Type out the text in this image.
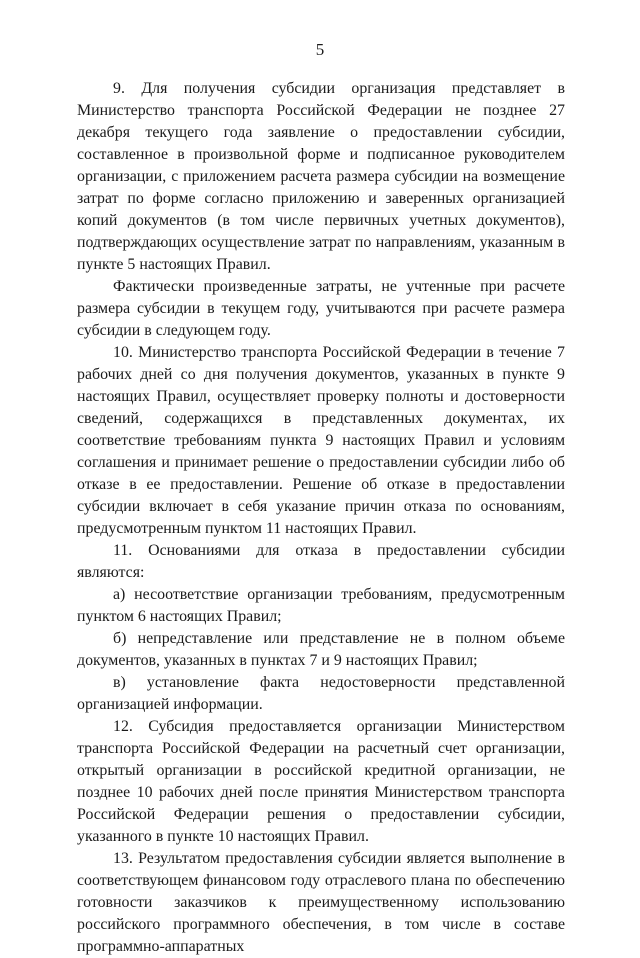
5

9. Для получения субсидии организация представляет в Министерство транспорта Российской Федерации не позднее 27 декабря текущего года заявление о предоставлении субсидии, составленное в произвольной форме и подписанное руководителем организации, с приложением расчета размера субсидии на возмещение затрат по форме согласно приложению и заверенных организацией копий документов (в том числе первичных учетных документов), подтверждающих осуществление затрат по направлениям, указанным в пункте 5 настоящих Правил.

Фактически произведенные затраты, не учтенные при расчете размера субсидии в текущем году, учитываются при расчете размера субсидии в следующем году.

10. Министерство транспорта Российской Федерации в течение 7 рабочих дней со дня получения документов, указанных в пункте 9 настоящих Правил, осуществляет проверку полноты и достоверности сведений, содержащихся в представленных документах, их соответствие требованиям пункта 9 настоящих Правил и условиям соглашения и принимает решение о предоставлении субсидии либо об отказе в ее предоставлении. Решение об отказе в предоставлении субсидии включает в себя указание причин отказа по основаниям, предусмотренным пунктом 11 настоящих Правил.

11. Основаниями для отказа в предоставлении субсидии являются:

а) несоответствие организации требованиям, предусмотренным пунктом 6 настоящих Правил;

б) непредставление или представление не в полном объеме документов, указанных в пунктах 7 и 9 настоящих Правил;

в) установление факта недостоверности представленной организацией информации.

12. Субсидия предоставляется организации Министерством транспорта Российской Федерации на расчетный счет организации, открытый организации в российской кредитной организации, не позднее 10 рабочих дней после принятия Министерством транспорта Российской Федерации решения о предоставлении субсидии, указанного в пункте 10 настоящих Правил.

13. Результатом предоставления субсидии является выполнение в соответствующем финансовом году отраслевого плана по обеспечению готовности заказчиков к преимущественному использованию российского программного обеспечения, в том числе в составе программно-аппаратных
